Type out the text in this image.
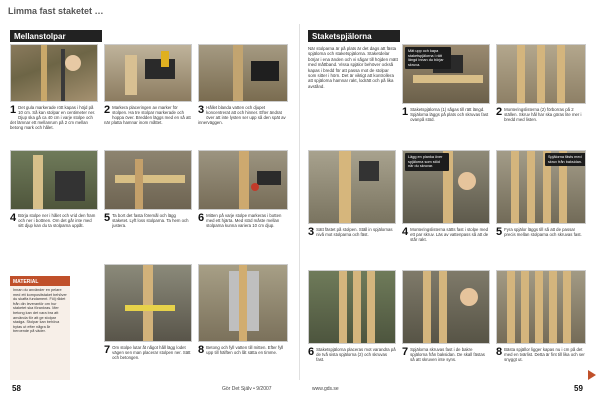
Limma fast staketet …
Mellanstolpar
1 Det gula markerade rött kapas i höjd på 10 cm. Så kan stolpar en centimeter ner. Djup ska gå ca 40 cm i varje stolpe och det lämnar ett mellanrum på 2 cm mellan betong mark och hålet.
2 Markera placeringen av marker för stolpen. Ha tre stolpar markerade och hoppa över. Bredden läggs med en så att när platta hamnar inom måttet.
3 Hållet blanda vatten och djupet koncentrerat att och hinner. Efter ändrat över att inte lysten ser upp så den spät av innerväggen.
4 Börja stolpe ner i hålet och vrid den fram och ner i bottnen. Om det går inte med sitt djup kan du ta stolparna uppåt.
5 Ta bort det fasta föremål och lägg staketet. Lyft loss stolparna. Ta hem och justera.
6 Mitten på varje stolpe markeras i botten med ett hjärta. Med stöd måste mellan stolparna kunna variera 10 cm djup.
MATERIAL
Innan du använder en pelare med ett kompositstaket behöver du skaffa fundament. Följ rådet från din leverantör om hur staketet ska förankras. Mer betong kan det vara bra att använda för att ge stolpar stadga. Stolpar kan behöva bytas ut efter några år beroende på väder.
7 Om stolpe lutar åt något håll lägg lodet vägen sen man placerar stolpen ner. Sätt och betongen.
8 Betong och fyll vatten till mitten. Efter fyll upp till hälften och låt sätta en timme.
58	Gör Det Själv • 9/2007
Staketspjälorna
När stolparna är på plats är det dags att fästa spjälorna och staketspjälorna. Staketdelar börjar i ena änden och vi sågar till höjden mätt med måttband. Vissa spjälor behöver också kapas i bredd för att passa mot de stolpar som sitter i hörn. Det är viktigt att kontrollera att spjälorna hamnar rakt, lodrätt och på lika avstånd.
Mät upp och kapa staketspjälorna i rätt längd innan du börjar skruva.
1 Staketspjälorna (1) sågas till rätt längd. Spjälorna läggs på plats och skruvas fast ovanpå stöd.
2 Monteringslisterna (2) förborras på 2 ställen. Skruv hål har ska göras lite mer i bredd med listen.
Lägg en planka över spjälorna som stöd när du skruvar.
Spjälorna fästs med skruv från baksidan.
3 Sätt fästet på stolpen. Ställ in spjälornas nivå mot stolparna och fäst.	4 Monteringslisterna sätts fast i stolpe med ett par skruv. Läs av vattenpass så att de står rakt.
5 Fyra spjälor läggs till så att de passar precis mellan stolparna och skruvas fast.
6 Staketspjälorna placeras mot varandra på de två sista spjälorna (2) och skruvas fast.
7 Spjälorna skruvas fast i de bakre spjälorna från baksidan. De skall fästas så att skruven inte syns.
8 Bästa spjällor ligger kapas nu i cm på det med en tvärlist. Detta är fint till lika och ser snyggt ut.
www.gds.se	59
